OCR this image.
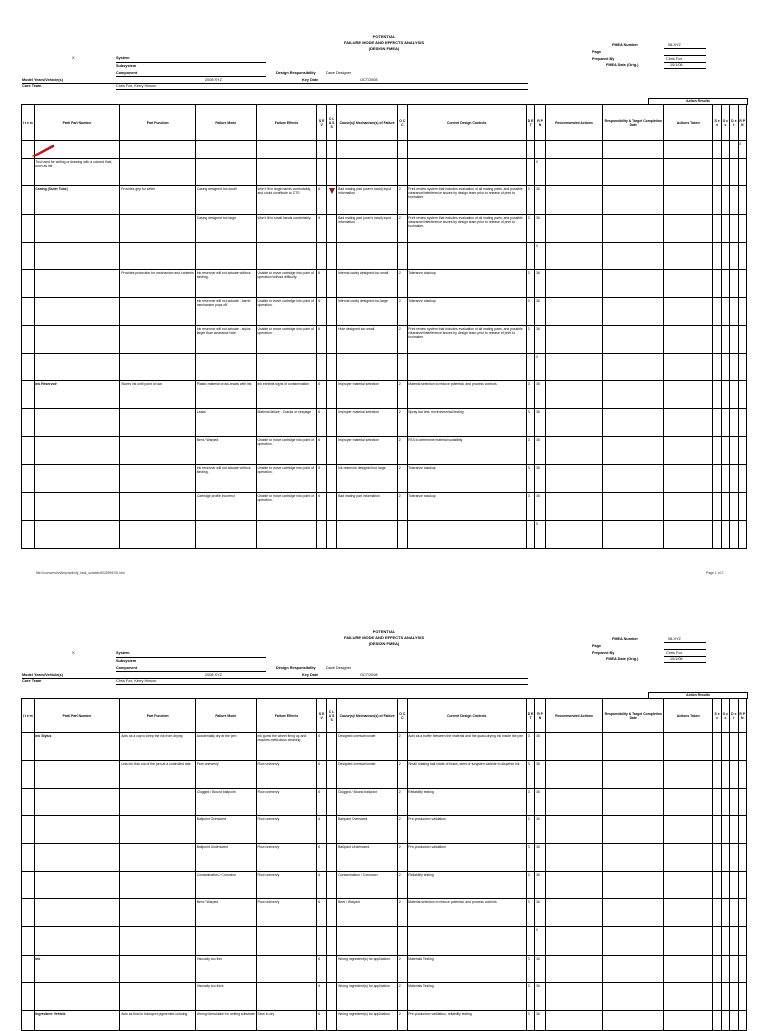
POTENTIAL
FAILURE MODE AND EFFECTS ANALYSIS
(DESIGN FMEA)
X	System
Subsystem
Component
Model Years/Vehicle(s)
Core Team	Chris Fox, Kerry Hinson
2008 XYZ
Design Responsibility	Dave Designer
Key Date	OCT/2008
FMEA Number	08-XYZ
Page
Prepared By	Chris Fox
FMEA Date (Orig.)	10/1/06
Action Results
I t e m	Part/ Part Number	Part Function	Failure Mode	Failure Effects	S E V	C L A S S	Cause(s)/ Mechanism(s) of Failure	O C C	Current Design Controls	D E T	R P N	Recommended Actions	Responsibility & Target Completion Date	Actions Taken	S e v	O c c	D e t	R P N
																		0
	Tool used for writing or drawing with a colored fluid, such as ink										0							
	Casing (Outer Tube)	Provides grip for writer	Casing designed too small	Won't fit in large hands comfortably, and could contribute to CTS	6		Bad mating part (user's hand) input information	2	Print review system that includes evaluation of all mating parts, and possible clearance/interference issues by design team prior to release of print to toolmaker.	3	36							
			Casing designed too large	Won't fit in small hands comfortably.	6		Bad mating part (user's hand) input information	2	Print review system that includes evaluation of all mating parts, and possible clearance/interference issues by design team prior to release of print to toolmaker.	3	36							
											0							
		Provides protection for mechanism and contents	Ink reservoir will not actuate without binding.	Unable to move cartridge into point of operation without difficulty.	6		Internal cavity designed too small	2	Tolerance stackup	3	36							
			Ink reservoir will not actuate - barrel mechanism pops off.	Unable to move cartridge into point of operation.	6		Internal cavity designed too large	2	Tolerance stackup	3	36							
			Ink reservoir will not actuate - stylus larger than clearance hole.	Unable to move cartridge into point of operation.	6		Hole designed too small.	2	Print review system that includes evaluation of all mating parts, and possible clearance/interference issues by design team prior to release of print to toolmaker.	3	36							
											0							
	Ink Reservoir	Stores ink until point of use.	Plastic material cross-reacts with ink	Ink exhibits signs of contamination	6		Improper material selection	2	Material selection to reduce potential, and process controls	3	36							
			Leaks	Material failure - Cracks or seepage	6		Improper material selection	2	Spray bar test, environmental testing	3	36							
			Bent / Warped	Unable to move cartridge into point of operation.	6		Improper material selection	2	FEA to determine material suitability	3	36							
			Ink reservoir will not actuate without binding.	Unable to move cartridge into point of operation.	6		Ink reservoir designed too large	2	Tolerance stackup	3	36							
			Cartridge profile incorrect	Unable to move cartridge into point of operation.	6		Bad mating part information	2	Tolerance stackup	3	36							
											0							
file:///conversion/tmp/activity_task_scratch/60259957/6.htm	Page 1 of 2
POTENTIAL
FAILURE MODE AND EFFECTS ANALYSIS
(DESIGN FMEA)
X	System
Subsystem
Component
Model Years/Vehicle(s)
Core Team	Chris Fox, Kerry Hinson
2008 XYZ
Design Responsibility	Dave Designer
Key Date	OCT/2008
FMEA Number	08-XYZ
Page
Prepared By	Chris Fox
FMEA Date (Orig.)	10/1/06
Action Results
I t e m	Part/ Part Number	Part Function	Failure Mode	Failure Effects	S E V	C L A S S	Cause(s)/ Mechanism(s) of Failure	O C C	Current Design Controls	D E T	R P N	Recommended Actions	Responsibility & Target Completion Date	Actions Taken	S e v	O c c	D e t	R P N
	Ink Stylus	Acts as a cap to keep the ink from drying	Accidentally dry at the pen	Ink gums the wheel firing up and requires meticulous cleaning	6		Designed oversize/under	2	Acts as a buffer between the material and the quasi-drying ink inside the pen	3	36							
		Lets ink flow out of the pen at a controlled rate	Flow uneven/y	Flow uneven/y	6		Designed oversize/under	2	Small rotating ball made of brass, steel or tungsten carbide to disperse ink.	3	36							
			Clogged / Bound ballpoint	Flow uneven/y	6		Clogged / Bound ballpoint	2	Reliability testing	3	36							
			Ballpoint Oversized	Flow uneven/y	6		Ballpoint Oversized	2	Pre-production validation	3	36							
			Ballpoint Undersized	Flow uneven/y	6		Ballpoint Undersized	2	Pre-production validation	3	36							
			Contamination / Corrosion	Flow uneven/y	6		Contamination / Corrosion	2	Reliability testing	3	36							
			Bent / Warped	Flow uneven/y	6		Bent / Warped	2	Material selection to reduce potential, and process controls	3	36							
											0							
	Ink		Viscosity too thin		6		Wrong ingredient(s) for application	2	Materials Testing	3	36							
			Viscosity too thick		6		Wrong ingredient(s) for application	2	Materials Testing	3	36							
	Ingredient: Vehicle	Acts as fluid to transport pigmented coloring.	Wrong formulation for writing substrate	Slow to dry	6		Wrong ingredient(s) for application	2	Pre-production validation, reliability testing	3	36							
